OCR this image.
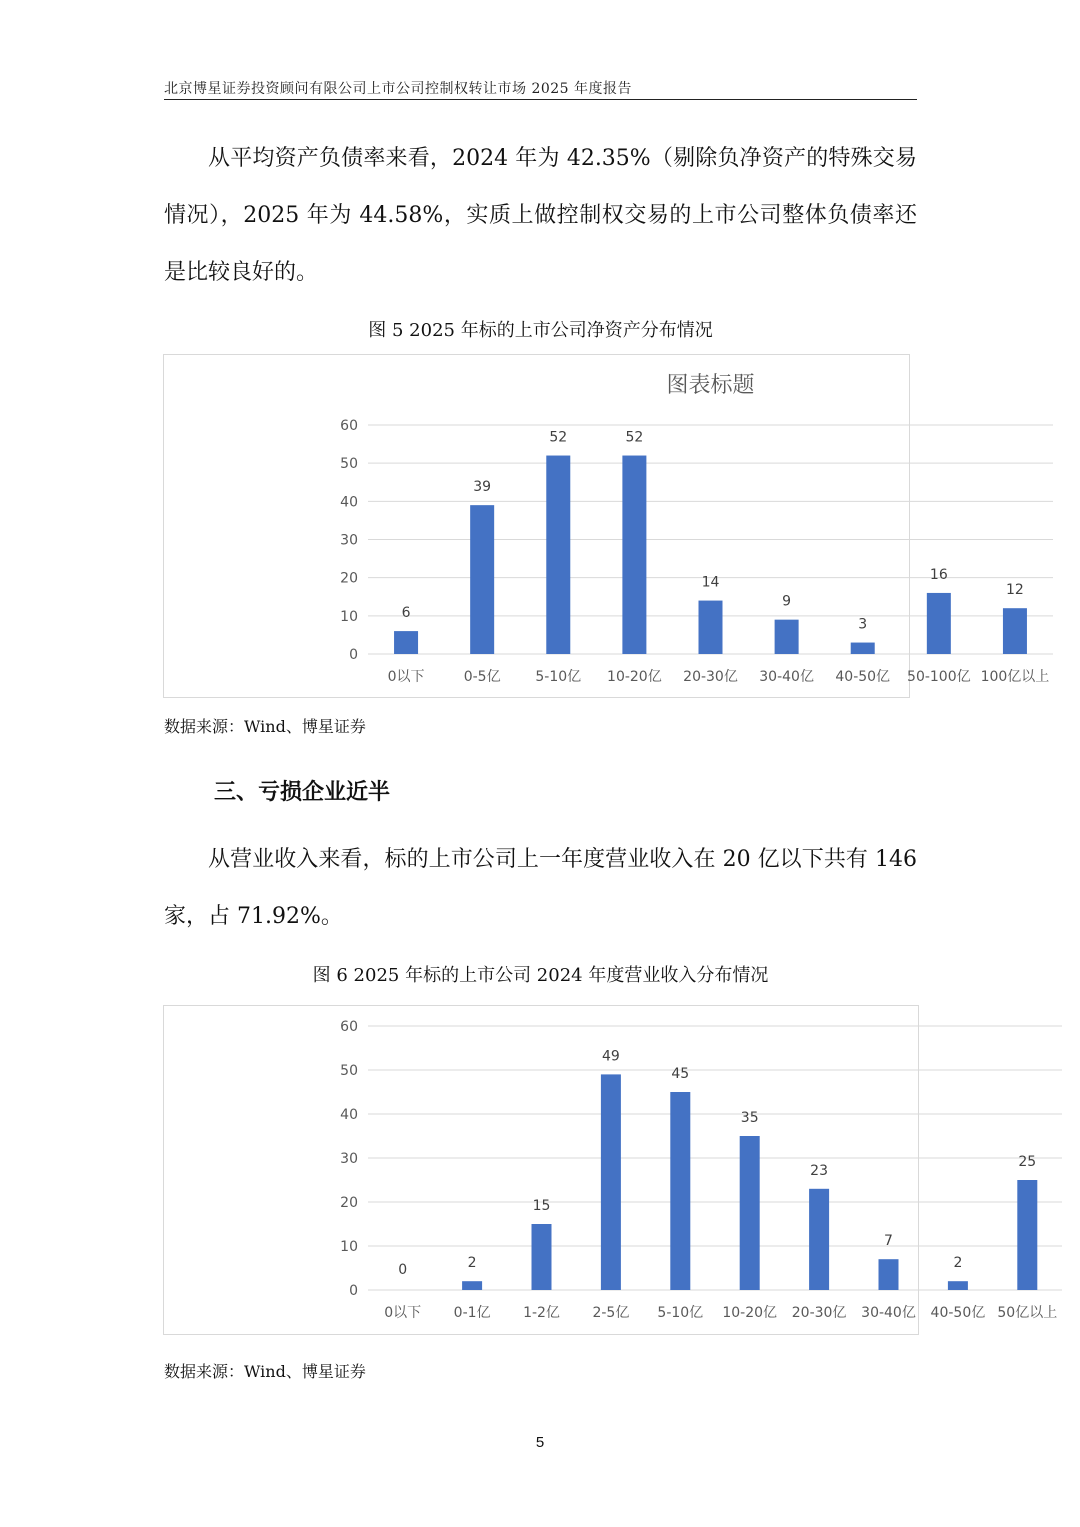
北京博星证券投资顾问有限公司上市公司控制权转让市场 2025 年度报告

从平均资产负债率来看，2024 年为 42.35%（剔除负净资产的特殊交易情况），2025 年为 44.58%，实质上做控制权交易的上市公司整体负债率还是比较良好的。

图 5 2025 年标的上市公司净资产分布情况
图表标题
0
10
20
30
40
50
60
6
0以下
39
0-5亿
52
5-10亿
52
10-20亿
14
20-30亿
9
30-40亿
3
40-50亿
16
50-100亿
12
100亿以上
数据来源：Wind、博星证券
三、亏损企业近半

从营业收入来看，标的上市公司上一年度营业收入在 20 亿以下共有 146 家，占 71.92%。

图 6 2025 年标的上市公司 2024 年度营业收入分布情况
0
10
20
30
40
50
60
0
0以下
2
0-1亿
15
1-2亿
49
2-5亿
45
5-10亿
35
10-20亿
23
20-30亿
7
30-40亿
2
40-50亿
25
50亿以上
数据来源：Wind、博星证券
5
